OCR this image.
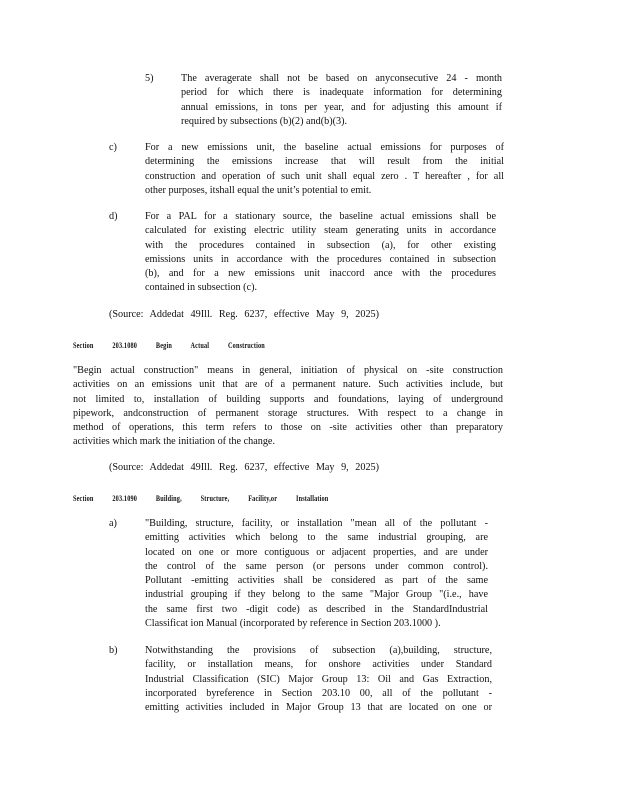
5)	The averagerate shall not be based on anyconsecutive 24 - month
period for which there is inadequate information for determining
annual emissions, in tons per year, and for adjusting this amount if
required by subsections (b)(2) and(b)(3).
c)	For a new emissions unit, the baseline actual emissions for purposes of
determining the emissions increase that will result from the initial
construction and operation of such unit shall equal zero . T hereafter , for all
other purposes, itshall equal the unit’s potential to emit.
d)	For a PAL for a stationary source, the baseline actual emissions shall be
calculated for existing electric utility steam generating units in accordance
with the procedures contained in subsection (a), for other existing
emissions units in accordance with the procedures contained in subsection
(b), and for a new emissions unit inaccord ance with the procedures
contained in subsection (c).
(Source: Addedat 49Ill. Reg. 6237, effective May 9, 2025)
Section 203.1080 Begin Actual Construction
"Begin actual construction" means in general, initiation of physical on -site construction
activities on an emissions unit that are of a permanent nature. Such activities include, but
not limited to, installation of building supports and foundations, laying of underground
pipework, andconstruction of permanent storage structures. With respect to a change in
method of operations, this term refers to those on -site activities other than preparatory
activities which mark the initiation of the change.
(Source: Addedat 49Ill. Reg. 6237, effective May 9, 2025)
Section 203.1090 Building, Structure, Facility,or Installation
a)	"Building, structure, facility, or installation "mean all of the pollutant -
emitting activities which belong to the same industrial grouping, are
located on one or more contiguous or adjacent properties, and are under
the control of the same person (or persons under common control).
Pollutant -emitting activities shall be considered as part of the same
industrial grouping if they belong to the same "Major Group "(i.e., have
the same first two -digit code) as described in the StandardIndustrial
Classificat ion Manual (incorporated by reference in Section 203.1000 ).
b)	Notwithstanding the provisions of subsection (a),building, structure,
facility, or installation means, for onshore activities under Standard
Industrial Classification (SIC) Major Group 13: Oil and Gas Extraction,
incorporated byreference in Section 203.10 00, all of the pollutant -
emitting activities included in Major Group 13 that are located on one or
